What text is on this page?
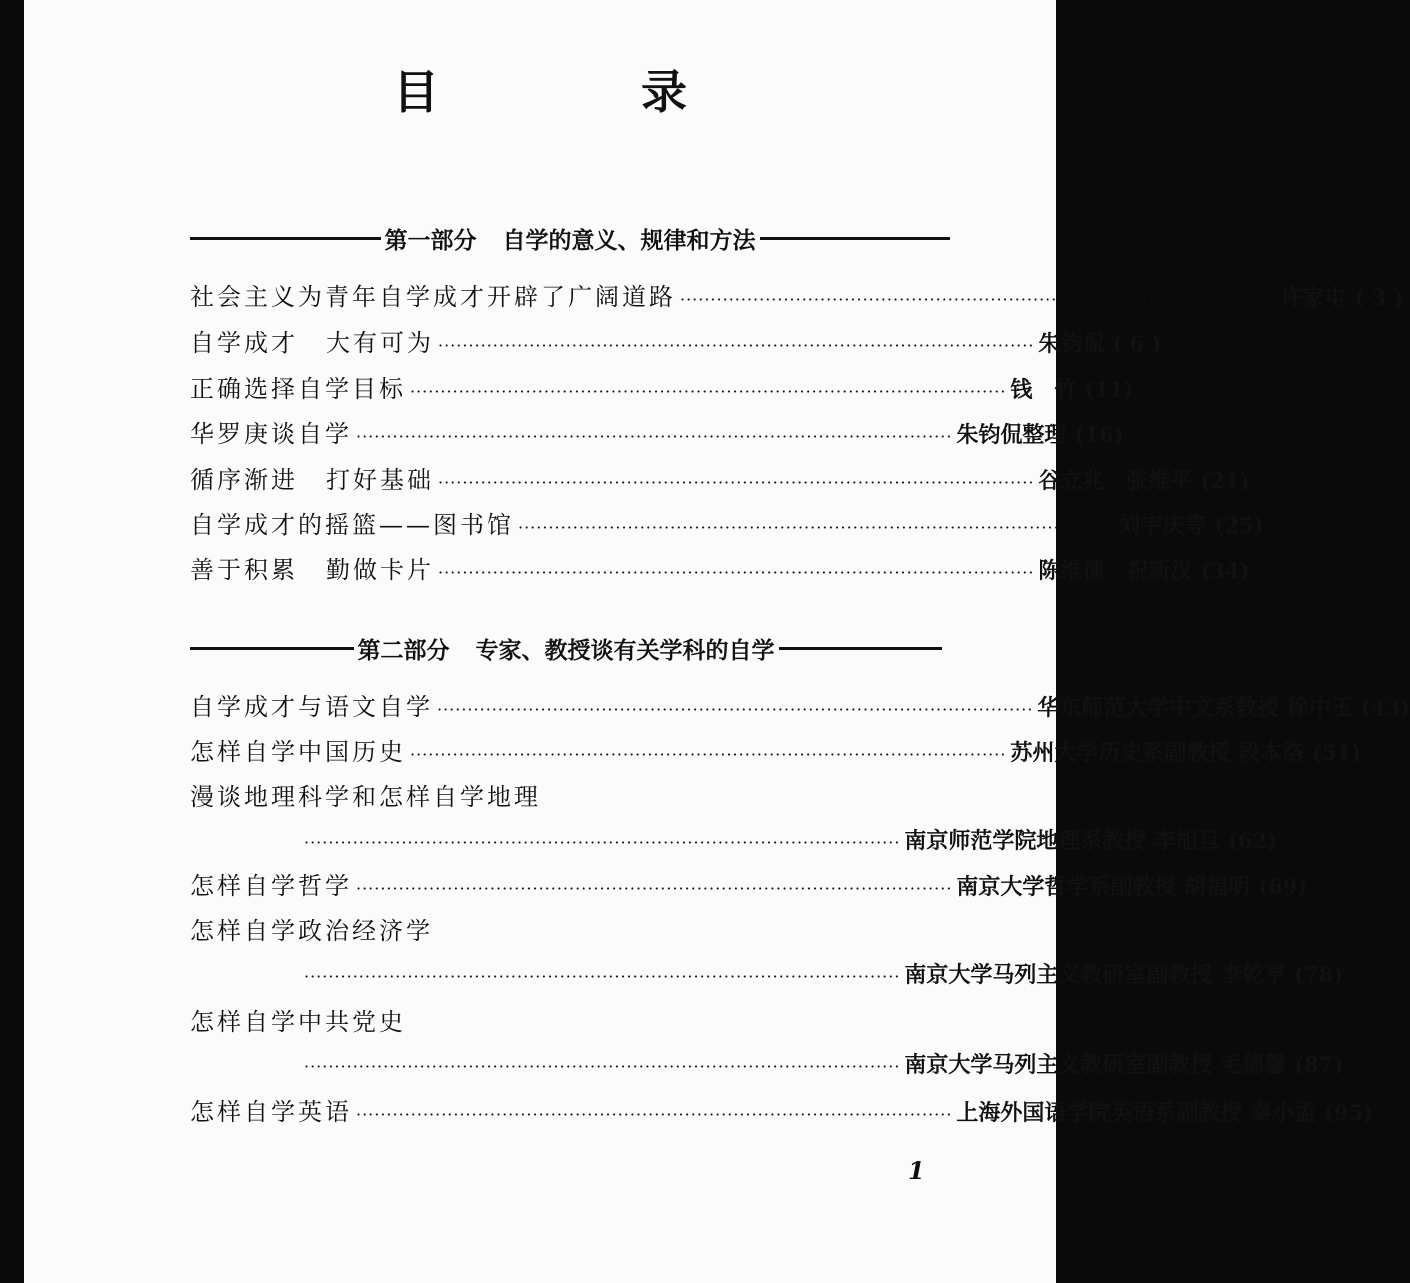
目　录
第一部分 自学的意义、规律和方法
社会主义为青年自学成才开辟了广阔道路 ·································································································· 许家屯 ( 3 )
自学成才 大有可为 ·································································································· 朱钧侃 ( 6 )
正确选择自学目标 ·································································································· 钱　竹 (11)
华罗庚谈自学 ·································································································· 朱钧侃整理 (16)
循序渐进 打好基础 ·································································································· 谷立兆　张维平 (21)
自学成才的摇篮——图书馆 ·································································································· 刘宇庆等 (25)
善于积累 勤做卡片 ·································································································· 陈维德　祝新汉 (34)
第二部分 专家、教授谈有关学科的自学
自学成才与语文自学 ·································································································· 华东师范大学中文系教授 徐中玉 (43)
怎样自学中国历史 ·································································································· 苏州大学历史系副教授 段本洛 (51)
漫谈地理科学和怎样自学地理
·································································································· 南京师范学院地理系教授 李旭旦 (62)
怎样自学哲学 ·································································································· 南京大学哲学系副教授 胡福明 (69)
怎样自学政治经济学
·································································································· 南京大学马列主义教研室副教授 李乾亨 (78)
怎样自学中共党史
·································································································· 南京大学马列主义教研室副教授 毛德馨 (87)
怎样自学英语 ·································································································· 上海外国语学院英语系副教授 秦小孟 (95)
1
